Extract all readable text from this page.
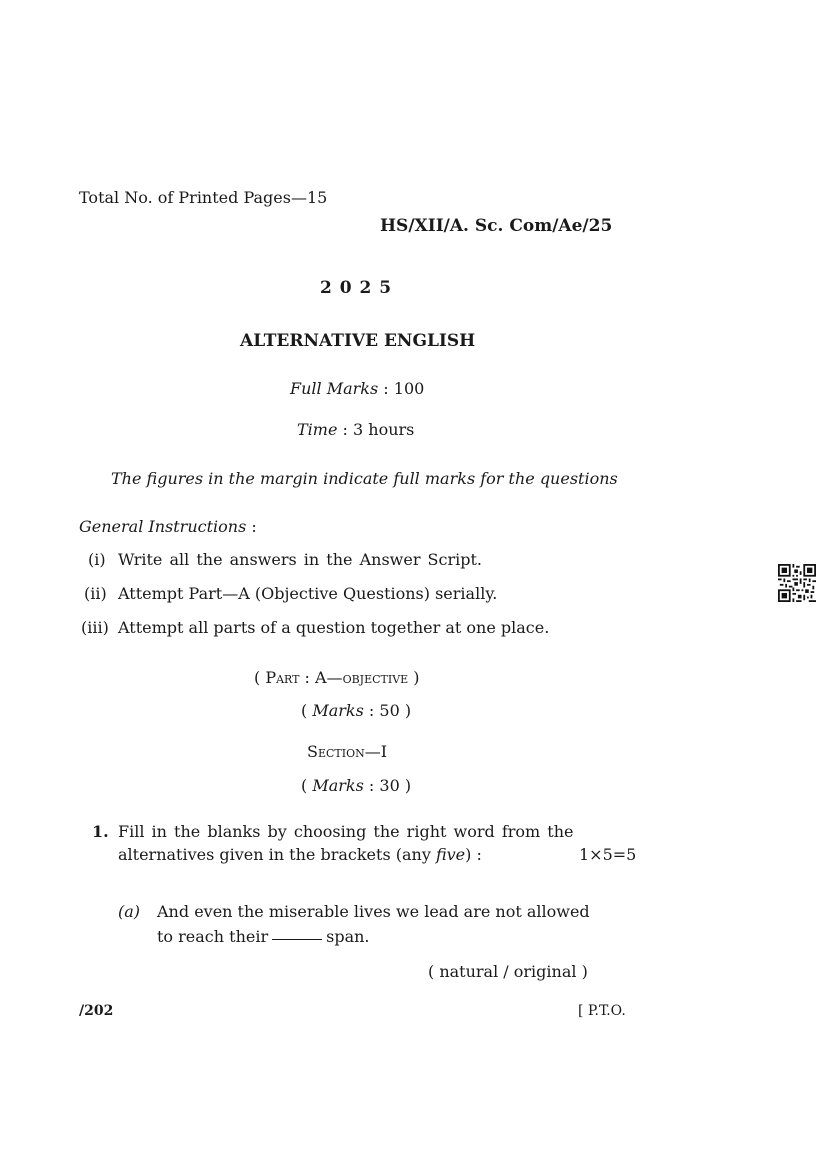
Total No. of Printed Pages—15
HS/XII/A. Sc. Com/Ae/25
2 0 2 5
ALTERNATIVE ENGLISH
Full Marks : 100
Time : 3 hours
The figures in the margin indicate full marks for the questions
General Instructions :
(i) Write all the answers in the Answer Script.
(ii) Attempt Part—A (Objective Questions) serially.
(iii) Attempt all parts of a question together at one place.
( Part : A—objective )
( Marks : 50 )
Section—I
( Marks : 30 )
1. Fill in the blanks by choosing the right word from the
alternatives given in the brackets (any five) :	1×5=5
(a) And even the miserable lives we lead are not allowed
to reach their	span.
( natural / original )
/202	[ P.T.O.
